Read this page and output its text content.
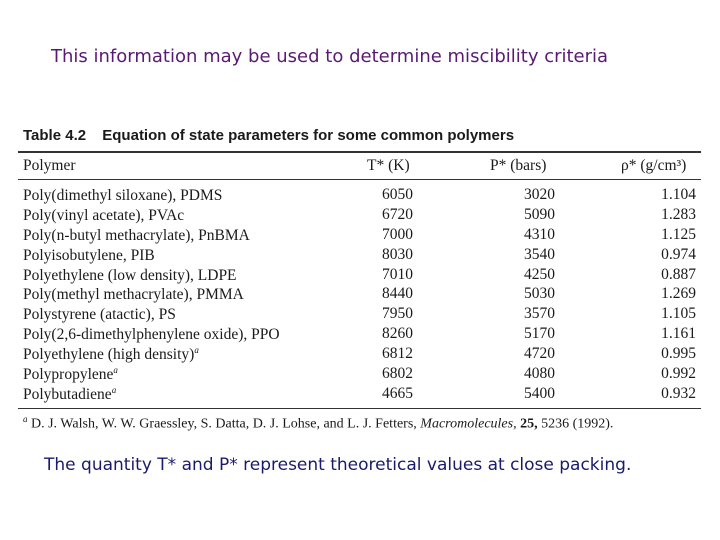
This information may be used to determine miscibility criteria
Table 4.2 Equation of state parameters for some common polymers
Polymer	T* (K)	P* (bars)	ρ* (g/cm³)
Poly(dimethyl siloxane), PDMS	6050	3020	1.104
Poly(vinyl acetate), PVAc	6720	5090	1.283
Poly(n-butyl methacrylate), PnBMA	7000	4310	1.125
Polyisobutylene, PIB	8030	3540	0.974
Polyethylene (low density), LDPE	7010	4250	0.887
Poly(methyl methacrylate), PMMA	8440	5030	1.269
Polystyrene (atactic), PS	7950	3570	1.105
Poly(2,6-dimethylphenylene oxide), PPO	8260	5170	1.161
Polyethylene (high density)$^a$	6812	4720	0.995
Polypropylene$^a$	6802	4080	0.992
Polybutadiene$^a$	4665	5400	0.932
$^a$ D. J. Walsh, W. W. Graessley, S. Datta, D. J. Lohse, and L. J. Fetters, Macromolecules, 25, 5236 (1992).
The quantity T* and P* represent theoretical values at close packing.
